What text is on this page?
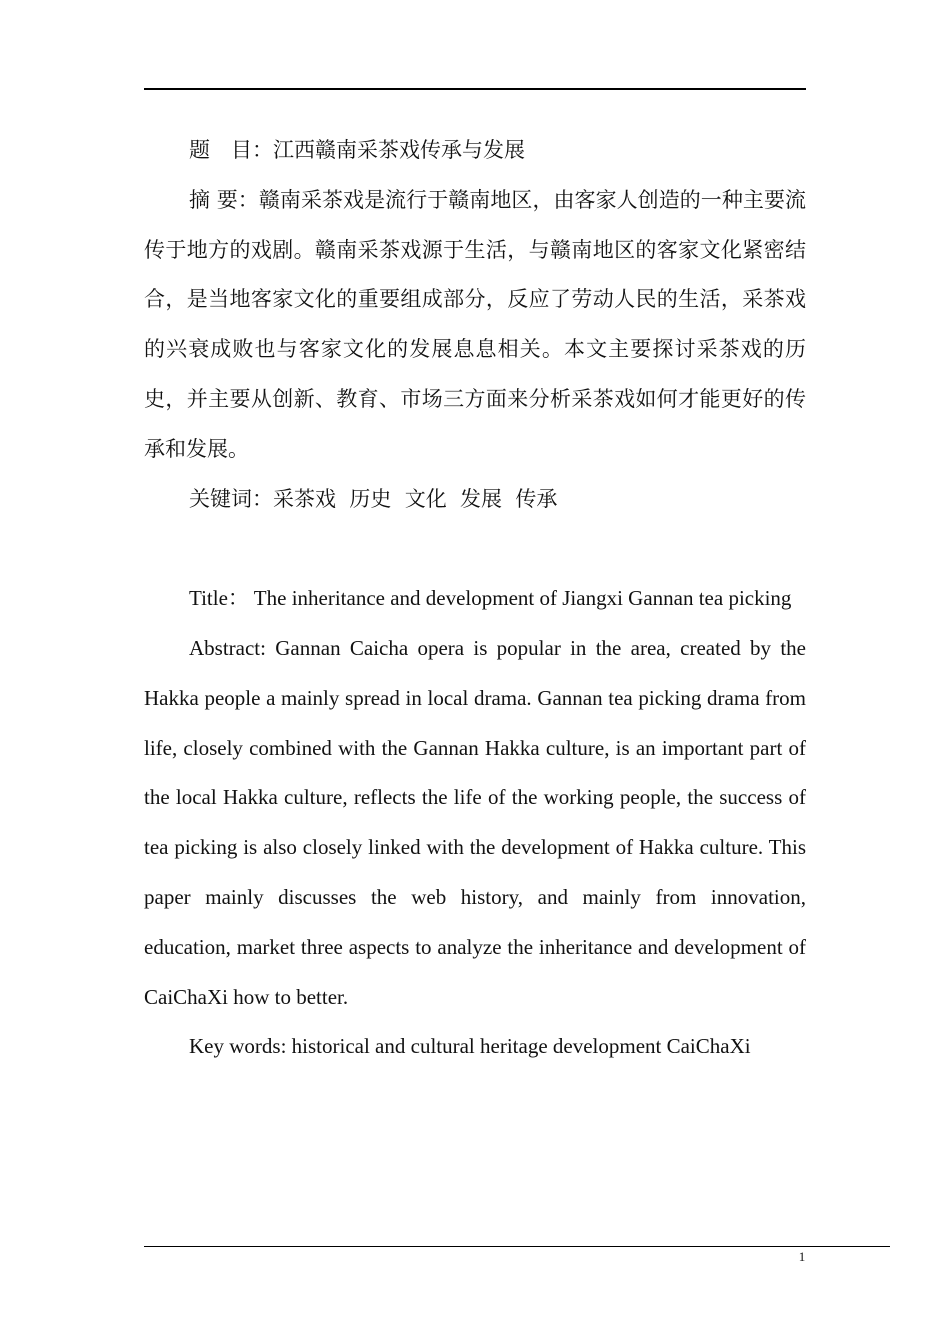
题　目：江西赣南采茶戏传承与发展

摘 要：赣南采茶戏是流行于赣南地区，由客家人创造的一种主要流传于地方的戏剧。赣南采茶戏源于生活，与赣南地区的客家文化紧密结合，是当地客家文化的重要组成部分，反应了劳动人民的生活，采茶戏的兴衰成败也与客家文化的发展息息相关。本文主要探讨采茶戏的历史，并主要从创新、教育、市场三方面来分析采茶戏如何才能更好的传承和发展。

关键词：采茶戏  历史  文化  发展  传承

Title： The inheritance and development of Jiangxi Gannan tea picking

Abstract: Gannan Caicha opera is popular in the area, created by the Hakka people a mainly spread in local drama. Gannan tea picking drama from life, closely combined with the Gannan Hakka culture, is an important part of the local Hakka culture, reflects the life of the working people, the success of tea picking is also closely linked with the development of Hakka culture. This paper mainly discusses the web history, and mainly from innovation, education, market three aspects to analyze the inheritance and development of CaiChaXi how to better.

Key words: historical and cultural heritage development CaiChaXi

1
